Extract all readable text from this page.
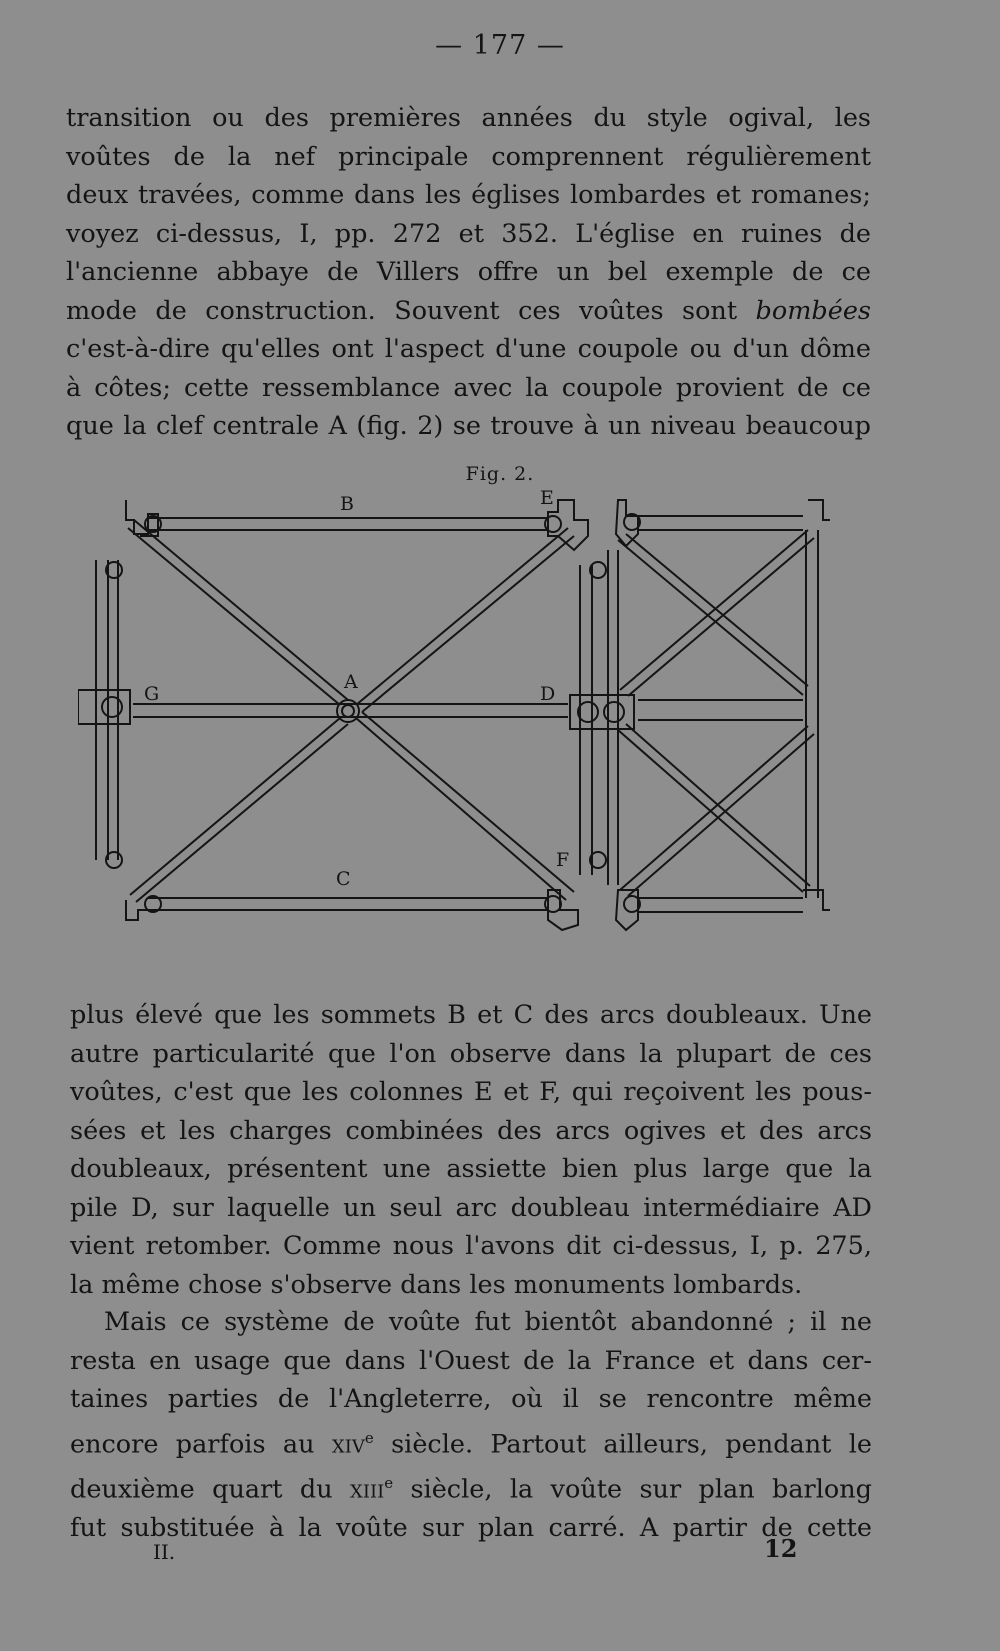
— 177 —
transition ou des premières années du style ogival, les
voûtes de la nef principale comprennent régulièrement
deux travées, comme dans les églises lombardes et romanes;
voyez ci-dessus, I, pp. 272 et 352. L'église en ruines de
l'ancienne abbaye de Villers offre un bel exemple de ce
mode de construction. Souvent ces voûtes sont bombées
c'est-à-dire qu'elles ont l'aspect d'une coupole ou d'un dôme
à côtes; cette ressemblance avec la coupole provient de ce
que la clef centrale A (fig. 2) se trouve à un niveau beaucoup
Fig. 2.
B	E
A
G	D
F
C
plus élevé que les sommets B et C des arcs doubleaux. Une
autre particularité que l'on observe dans la plupart de ces
voûtes, c'est que les colonnes E et F, qui reçoivent les pous-
sées et les charges combinées des arcs ogives et des arcs
doubleaux, présentent une assiette bien plus large que la
pile D, sur laquelle un seul arc doubleau intermédiaire AD
vient retomber. Comme nous l'avons dit ci-dessus, I, p. 275,
la même chose s'observe dans les monuments lombards.
Mais ce système de voûte fut bientôt abandonné ; il ne
resta en usage que dans l'Ouest de la France et dans cer-
taines parties de l'Angleterre, où il se rencontre même
encore parfois au xiv$^e$ siècle. Partout ailleurs, pendant le
deuxième quart du xiii$^e$ siècle, la voûte sur plan barlong
fut substituée à la voûte sur plan carré. A partir de cette
II.	12
